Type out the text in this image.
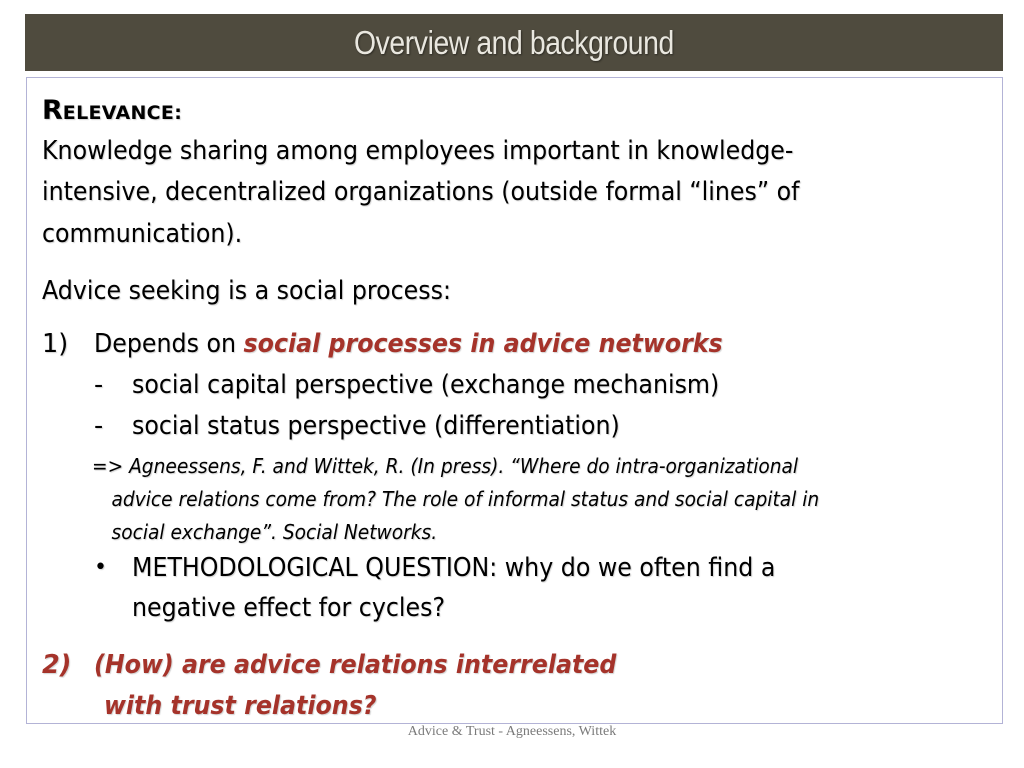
Overview and background
RELEVANCE:
Knowledge sharing among employees important in knowledge-
intensive, decentralized organizations (outside formal “lines” of
communication).
Advice seeking is a social process:
1) Depends on social processes in advice networks
- social capital perspective (exchange mechanism)
- social status perspective (differentiation)
=> Agneessens, F. and Wittek, R. (In press). “Where do intra-organizational
advice relations come from? The role of informal status and social capital in
social exchange”. Social Networks.
• METHODOLOGICAL QUESTION: why do we often find a
negative effect for cycles?
2) (How) are advice relations interrelated
with trust relations?
Advice & Trust - Agneessens, Wittek
